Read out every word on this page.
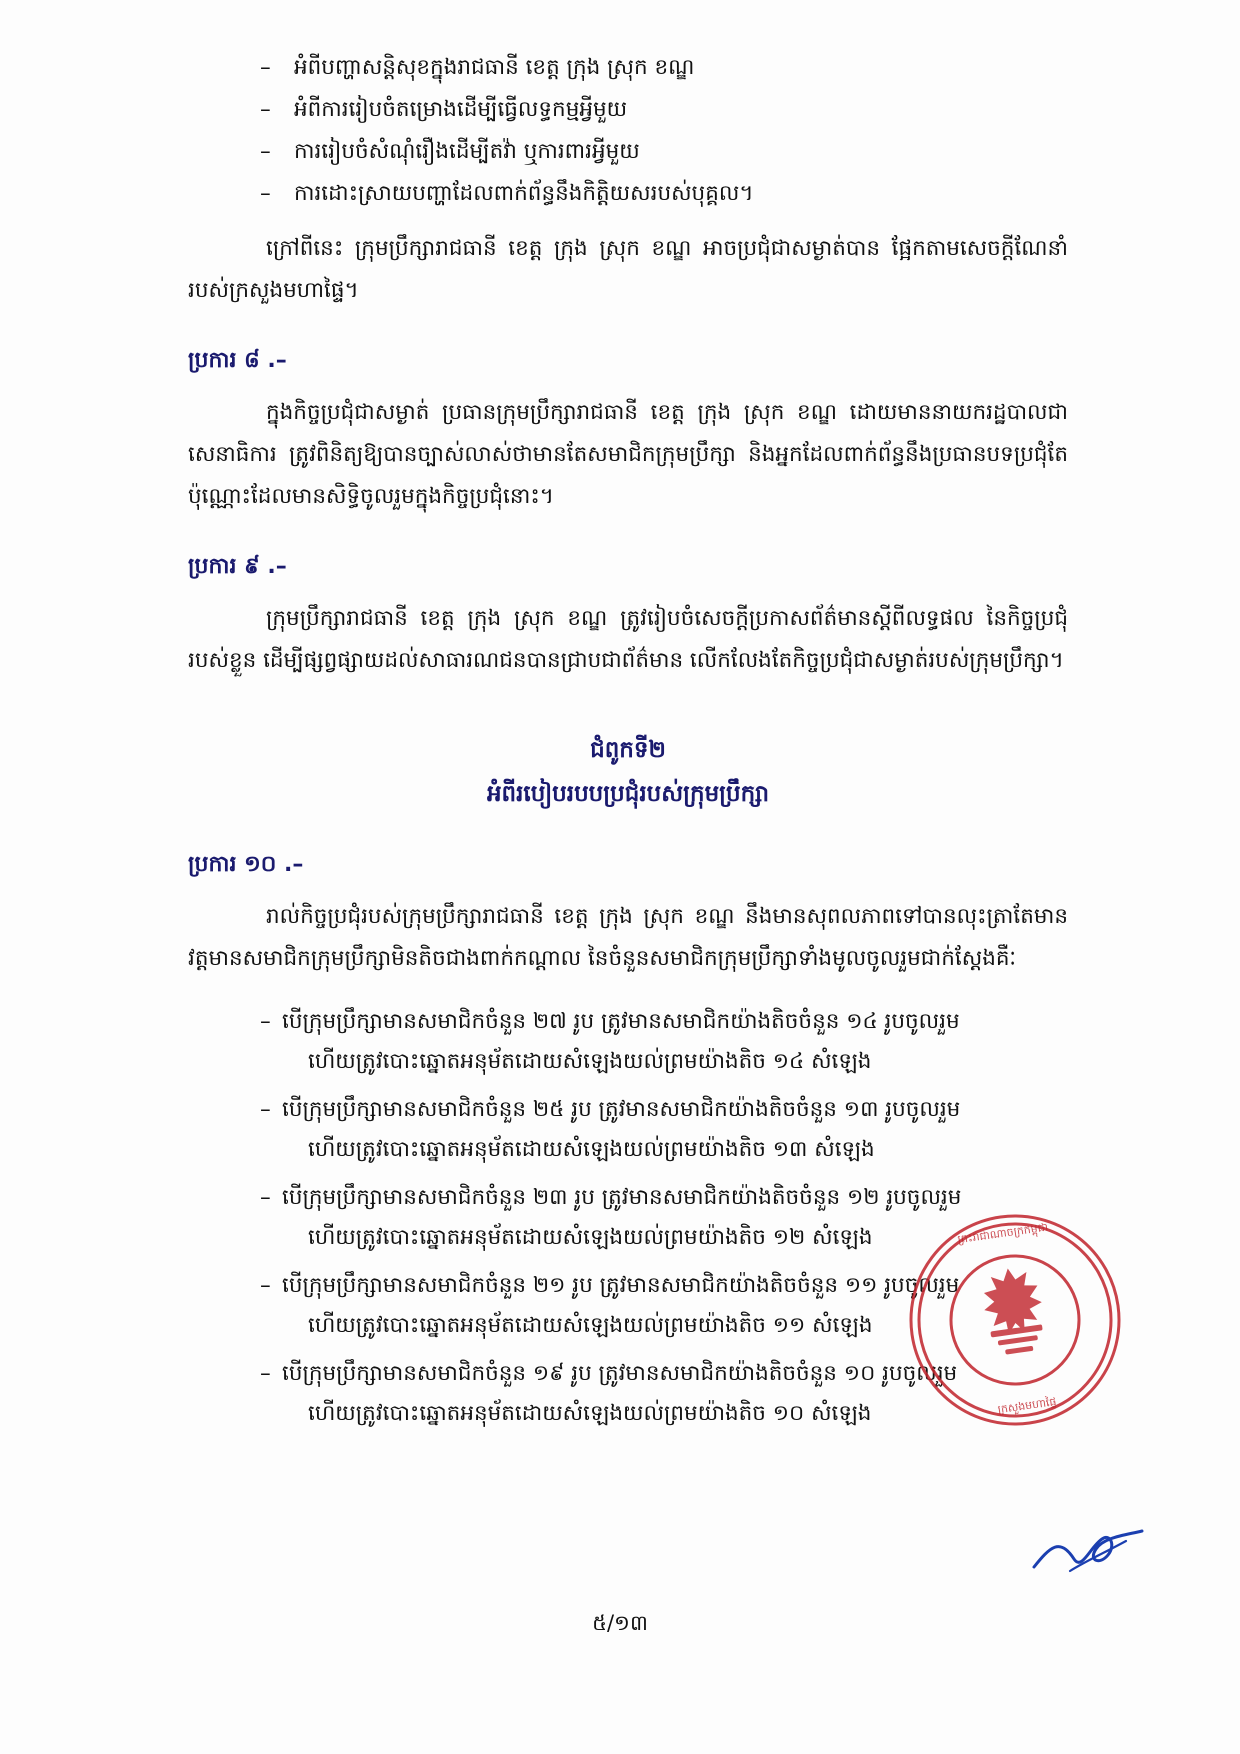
–	អំពីបញ្ហាសន្តិសុខក្នុងរាជធានី ខេត្ត ក្រុង ស្រុក ខណ្ឌ
–	អំពីការរៀបចំតម្រោងដើម្បីធ្វើលទ្ធកម្មអ្វីមួយ
–	ការរៀបចំសំណុំរឿងដើម្បីតវ៉ា ឬការពារអ្វីមួយ
–	ការដោះស្រាយបញ្ហាដែលពាក់ព័ន្ធនឹងកិត្តិយសរបស់បុគ្គល។

ក្រៅពីនេះ ក្រុមប្រឹក្សារាជធានី ខេត្ត ក្រុង ស្រុក ខណ្ឌ អាចប្រជុំជាសម្ងាត់បាន ផ្អែកតាមសេចក្តីណែនាំរបស់ក្រសួងមហាផ្ទៃ។

ប្រការ ៨ .–

ក្នុងកិច្ចប្រជុំជាសម្ងាត់ ប្រធានក្រុមប្រឹក្សារាជធានី ខេត្ត ក្រុង ស្រុក ខណ្ឌ ដោយមាននាយករដ្ឋបាលជាសេនាធិការ ត្រូវពិនិត្យឱ្យបានច្បាស់លាស់ថាមានតែសមាជិកក្រុមប្រឹក្សា និងអ្នកដែលពាក់ព័ន្ធនឹងប្រធានបទប្រជុំតែប៉ុណ្ណោះដែលមានសិទ្ធិចូលរួមក្នុងកិច្ចប្រជុំនោះ។

ប្រការ ៩ .–

ក្រុមប្រឹក្សារាជធានី ខេត្ត ក្រុង ស្រុក ខណ្ឌ ត្រូវរៀបចំសេចក្តីប្រកាសព័ត៌មានស្តីពីលទ្ធផល នៃកិច្ចប្រជុំរបស់ខ្លួន ដើម្បីផ្សព្វផ្សាយដល់សាធារណជនបានជ្រាបជាព័ត៌មាន លើកលែងតែកិច្ចប្រជុំជាសម្ងាត់របស់ក្រុមប្រឹក្សា។

ជំពូកទី២
អំពីរបៀបរបបប្រជុំរបស់ក្រុមប្រឹក្សា
ប្រការ ១០ .–

រាល់កិច្ចប្រជុំរបស់ក្រុមប្រឹក្សារាជធានី ខេត្ត ក្រុង ស្រុក ខណ្ឌ នឹងមានសុពលភាពទៅបានលុះត្រាតែមានវត្តមានសមាជិកក្រុមប្រឹក្សាមិនតិចជាងពាក់កណ្តាល នៃចំនួនសមាជិកក្រុមប្រឹក្សាទាំងមូលចូលរួមជាក់ស្តែងគឺៈ

– បើក្រុមប្រឹក្សាមានសមាជិកចំនួន ២៧ រូប ត្រូវមានសមាជិកយ៉ាងតិចចំនួន ១៤ រូបចូលរួម
ហើយត្រូវបោះឆ្នោតអនុម័តដោយសំឡេងយល់ព្រមយ៉ាងតិច ១៤ សំឡេង
– បើក្រុមប្រឹក្សាមានសមាជិកចំនួន ២៥ រូប ត្រូវមានសមាជិកយ៉ាងតិចចំនួន ១៣ រូបចូលរួម
ហើយត្រូវបោះឆ្នោតអនុម័តដោយសំឡេងយល់ព្រមយ៉ាងតិច ១៣ សំឡេង
– បើក្រុមប្រឹក្សាមានសមាជិកចំនួន ២៣ រូប ត្រូវមានសមាជិកយ៉ាងតិចចំនួន ១២ រូបចូលរួម
ហើយត្រូវបោះឆ្នោតអនុម័តដោយសំឡេងយល់ព្រមយ៉ាងតិច ១២ សំឡេង
– បើក្រុមប្រឹក្សាមានសមាជិកចំនួន ២១ រូប ត្រូវមានសមាជិកយ៉ាងតិចចំនួន ១១ រូបចូលរួម
ហើយត្រូវបោះឆ្នោតអនុម័តដោយសំឡេងយល់ព្រមយ៉ាងតិច ១១ សំឡេង
– បើក្រុមប្រឹក្សាមានសមាជិកចំនួន ១៩ រូប ត្រូវមានសមាជិកយ៉ាងតិចចំនួន ១០ រូបចូលរួម
ហើយត្រូវបោះឆ្នោតអនុម័តដោយសំឡេងយល់ព្រមយ៉ាងតិច ១០ សំឡេង
ព្រះរាជាណាចក្រកម្ពុជា
ក្រសួងមហាផ្ទៃ
៥/១៣
